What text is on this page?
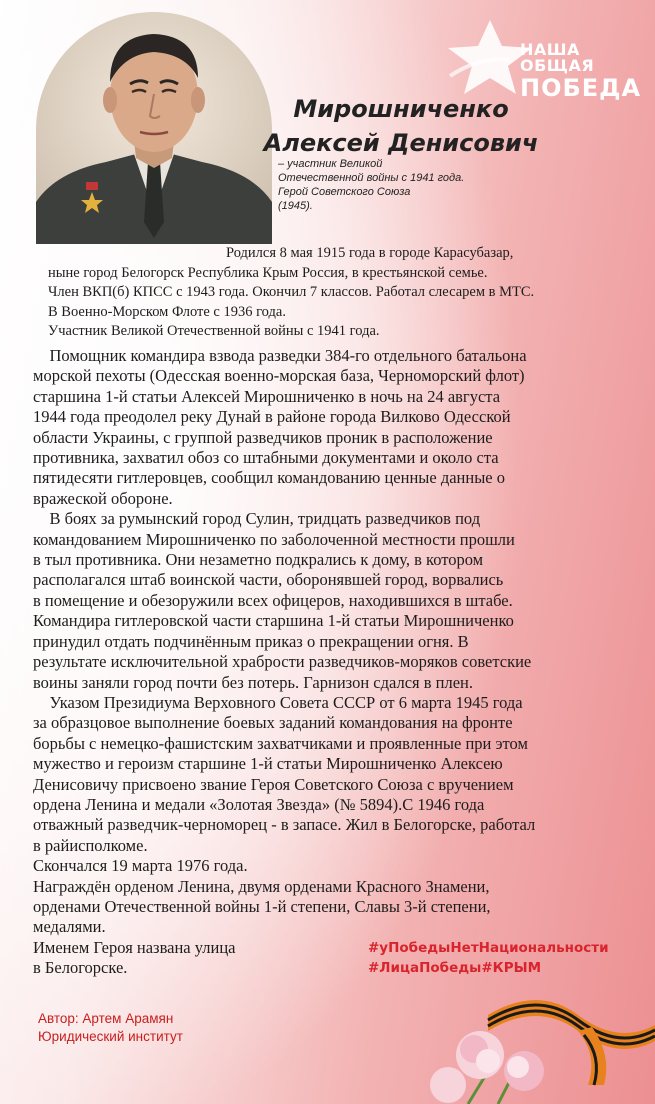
НАША ОБЩАЯ
ПОБЕДА
Мирошниченко
Алексей Денисович
– участник Великой
Отечественной войны с 1941 года.
Герой Советского Союза
(1945).
Родился 8 мая 1915 года в городе Карасубазар,
ныне город Белогорск Республика Крым Россия, в крестьянской семье.
Член ВКП(б) КПСС с 1943 года. Окончил 7 классов. Работал слесарем в МТС.
В Военно-Морском Флоте с 1936 года.
Участник Великой Отечественной войны с 1941 года.
Помощник командира взвода разведки 384-го отдельного батальона
морской пехоты (Одесская военно-морская база, Черноморский флот)
старшина 1-й статьи Алексей Мирошниченко в ночь на 24 августа
1944 года преодолел реку Дунай в районе города Вилково Одесской
области Украины, с группой разведчиков проник в расположение
противника, захватил обоз со штабными документами и около ста
пятидесяти гитлеровцев, сообщил командованию ценные данные о
вражеской обороне.
В боях за румынский город Сулин, тридцать разведчиков под
командованием Мирошниченко по заболоченной местности прошли
в тыл противника. Они незаметно подкрались к дому, в котором
располагался штаб воинской части, оборонявшей город, ворвались
в помещение и обезоружили всех офицеров, находившихся в штабе.
Командира гитлеровской части старшина 1-й статьи Мирошниченко
принудил отдать подчинённым приказ о прекращении огня. В
результате исключительной храбрости разведчиков-моряков советские
воины заняли город почти без потерь. Гарнизон сдался в плен.
Указом Президиума Верховного Совета СССР от 6 марта 1945 года
за образцовое выполнение боевых заданий командования на фронте
борьбы с немецко-фашистским захватчиками и проявленные при этом
мужество и героизм старшине 1-й статьи Мирошниченко Алексею
Денисовичу присвоено звание Героя Советского Союза с вручением
ордена Ленина и медали «Золотая Звезда» (№ 5894).С 1946 года
отважный разведчик-черноморец - в запасе. Жил в Белогорске, работал
в райисполкоме.
Скончался 19 марта 1976 года.
Награждён орденом Ленина, двумя орденами Красного Знамени,
орденами Отечественной войны 1-й степени, Славы 3-й степени,
медалями.
Именем Героя названа улица
в Белогорске.
#уПобедыНетНациональности
#ЛицаПобеды#КРЫМ
Автор: Артем Арамян
Юридический институт
